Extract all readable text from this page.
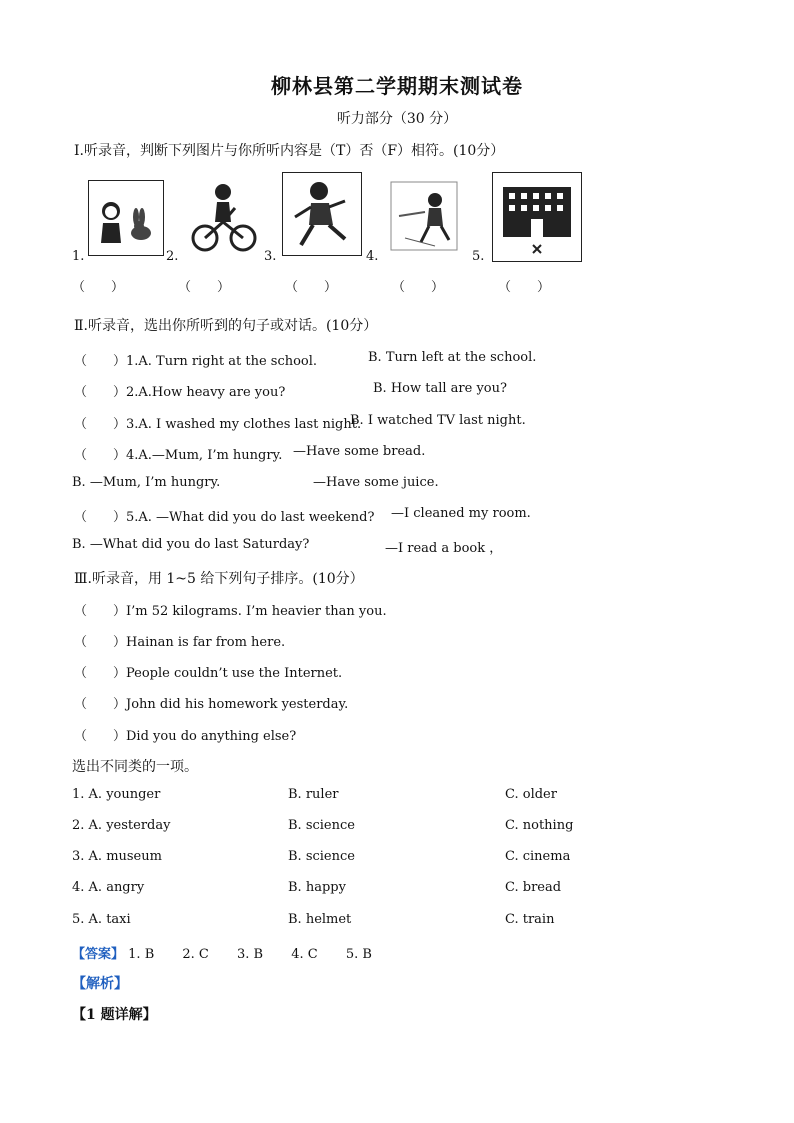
柳林县第二学期期末测试卷
听力部分（30 分）
Ⅰ.听录音，判断下列图片与你所听内容是（T）否（F）相符。(10分）
1.	2.	3.	4.	5.
（　　）	（　　）	（　　）	（　　）	（　　）
Ⅱ.听录音，选出你所听到的句子或对话。(10分）
（　　）1.A. Turn right at the school.	B. Turn left at the school.
（　　）2.A.How heavy are you?	B. How tall are you?
（　　）3.A. I washed my clothes last night.
B. I watched TV last night.
（　　）4.A.—Mum, I’m hungry. —Have some bread.
B. —Mum, I’m hungry.	—Have some juice.
（　　）5.A. —What did you do last weekend? —I cleaned my room.
B. —What did you do last Saturday?	—I read a book ，
Ⅲ.听录音，用 1~5 给下列句子排序。(10分）
（　　）I’m 52 kilograms. I’m heavier than you.
（　　）Hainan is far from here.
（　　）People couldn’t use the Internet.
（　　）John did his homework yesterday.
（　　）Did you do anything else?
选出不同类的一项。
1. A. younger	B. ruler	C. older
2. A. yesterday	B. science	C. nothing
3. A. museum	B. science	C. cinema
4. A. angry	B. happy	C. bread
5. A. taxi	B. helmet	C. train
【答案】 1. B 2. C 3. B 4. C 5. B
【解析】
【1 题详解】
